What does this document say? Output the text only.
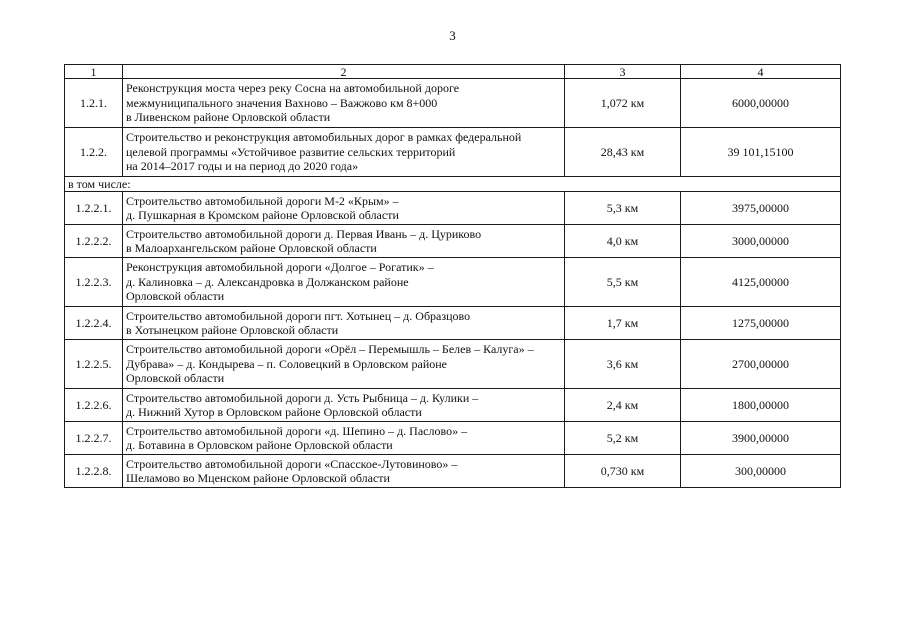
3
1	2	3	4
1.2.1.	Реконструкция моста через реку Сосна на автомобильной дороге
межмуниципального значения Вахново – Важжово км 8+000
в Ливенском районе Орловской области	1,072 км	6000,00000
1.2.2.	Строительство и реконструкция автомобильных дорог в рамках федеральной
целевой программы «Устойчивое развитие сельских территорий
на 2014–2017 годы и на период до 2020 года»	28,43 км	39 101,15100
в том числе:			
1.2.2.1.	Строительство автомобильной дороги М-2 «Крым» –
д. Пушкарная в Кромском районе Орловской области	5,3 км	3975,00000
1.2.2.2.	Строительство автомобильной дороги д. Первая Ивань – д. Цуриково
в Малоархангельском районе Орловской области	4,0 км	3000,00000
1.2.2.3.	Реконструкция автомобильной дороги «Долгое – Рогатик» –
д. Калиновка – д. Александровка в Должанском районе
Орловской области	5,5 км	4125,00000
1.2.2.4.	Строительство автомобильной дороги пгт. Хотынец – д. Образцово
в Хотынецком районе Орловской области	1,7 км	1275,00000
1.2.2.5.	Строительство автомобильной дороги «Орёл – Перемышль – Белев – Калуга» –
Дубрава» – д. Кондырева – п. Соловецкий в Орловском районе
Орловской области	3,6 км	2700,00000
1.2.2.6.	Строительство автомобильной дороги д. Усть Рыбница – д. Кулики –
д. Нижний Хутор в Орловском районе Орловской области	2,4 км	1800,00000
1.2.2.7.	Строительство автомобильной дороги «д. Шепино – д. Паслово» –
д. Ботавина в Орловском районе Орловской области	5,2 км	3900,00000
1.2.2.8.	Строительство автомобильной дороги «Спасское-Лутовиново» –
Шеламово во Мценском районе Орловской области	0,730 км	300,00000
